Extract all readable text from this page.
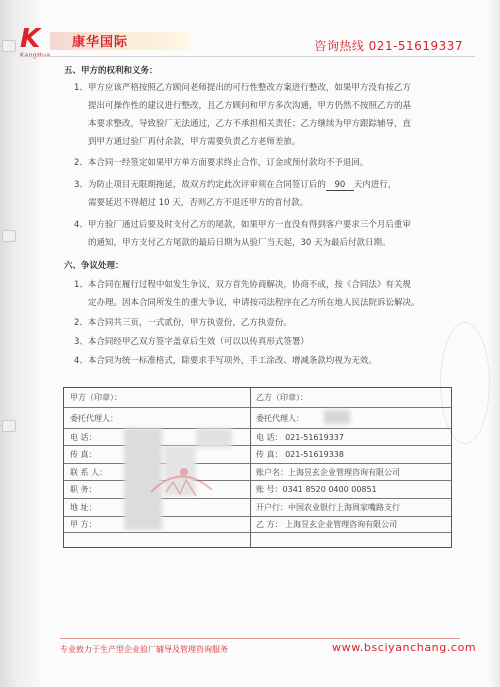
K	康华国际	咨询热线 021-51619337
五、甲方的权利和义务：
1、甲方应该严格按照乙方顾问老师提出的可行性整改方案进行整改，如果甲方没有按乙方
提出可操作性的建议进行整改，且乙方顾问和甲方多次沟通，甲方仍然不按照乙方的基
本要求整改，导致验厂无法通过，乙方不承担相关责任；乙方继续为甲方跟踪辅导，直
到甲方通过验厂再付余款，甲方需要负责乙方老师差旅。
2、本合同一经签定如果甲方单方面要求终止合作，订金或预付款均不予退回。
3、为防止项目无限期拖延，故双方约定此次评审须在合同签订后的 90 天内进行，
需要延迟不得超过 10 天，否则乙方不退还甲方的首付款。
4、甲方验厂通过后要及时支付乙方的尾款，如果甲方一直没有得到客户要求三个月后重审
的通知，甲方支付乙方尾款的最后日期为从验厂当天起，30 天为最后付款日期。
六、争议处理：
1、本合同在履行过程中如发生争议，双方首先协商解决，协商不成，按《合同法》有关规
定办理。因本合同所发生的重大争议，申请按司法程序在乙方所在地人民法院诉讼解决。
2、本合同共三页，一式贰份，甲方执壹份，乙方执壹份。
3、本合同经甲乙双方签字盖章后生效（可以以传真形式签署）
4、本合同为统一标准格式，除要求手写项外，手工涂改、增减条款均视为无效。
甲方（印章）：	乙方（印章）：
委托代理人：	委托代理人：
电 话：	电 话： 021-51619337
传 真：	传 真： 021-51619338
联 系 人：	账户名：上海昱玄企业管理咨询有限公司
职 务：	账 号：0341 8520 0400 00851
地 址：	开户行：中国农业银行上海周家嘴路支行
甲 方：	乙 方： 上海昱玄企业管理咨询有限公司
专业致力于生产型企业验厂辅导及管理咨询服务	www.bsciyanchang.com
